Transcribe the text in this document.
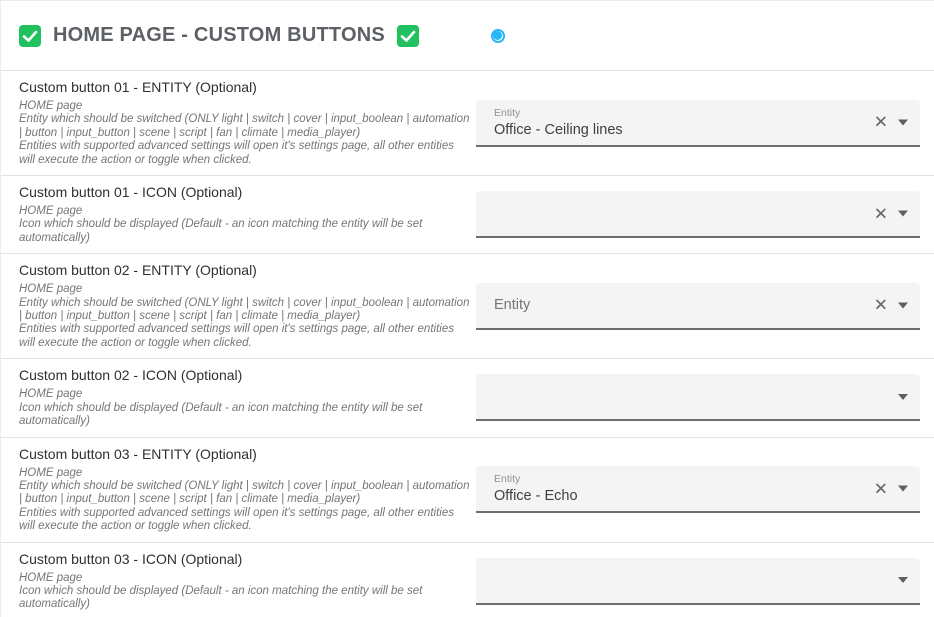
HOME PAGE - CUSTOM BUTTONS
Custom button 01 - ENTITY (Optional)

HOME page

Entity which should be switched (ONLY light | switch | cover | input_boolean | automation | button | input_button | scene | script | fan | climate | media_player)

Entities with supported advanced settings will open it's settings page, all other entities will execute the action or toggle when clicked.

Entity
Office - Ceiling lines	✕
Custom button 01 - ICON (Optional)

HOME page

Icon which should be displayed (Default - an icon matching the entity will be set automatically)

✕
Custom button 02 - ENTITY (Optional)

HOME page

Entity which should be switched (ONLY light | switch | cover | input_boolean | automation | button | input_button | scene | script | fan | climate | media_player)

Entities with supported advanced settings will open it's settings page, all other entities will execute the action or toggle when clicked.

Entity	✕
Custom button 02 - ICON (Optional)

HOME page

Icon which should be displayed (Default - an icon matching the entity will be set automatically)

Custom button 03 - ENTITY (Optional)

HOME page

Entity which should be switched (ONLY light | switch | cover | input_boolean | automation | button | input_button | scene | script | fan | climate | media_player)

Entities with supported advanced settings will open it's settings page, all other entities will execute the action or toggle when clicked.

Entity
Office - Echo	✕
Custom button 03 - ICON (Optional)

HOME page

Icon which should be displayed (Default - an icon matching the entity will be set automatically)
